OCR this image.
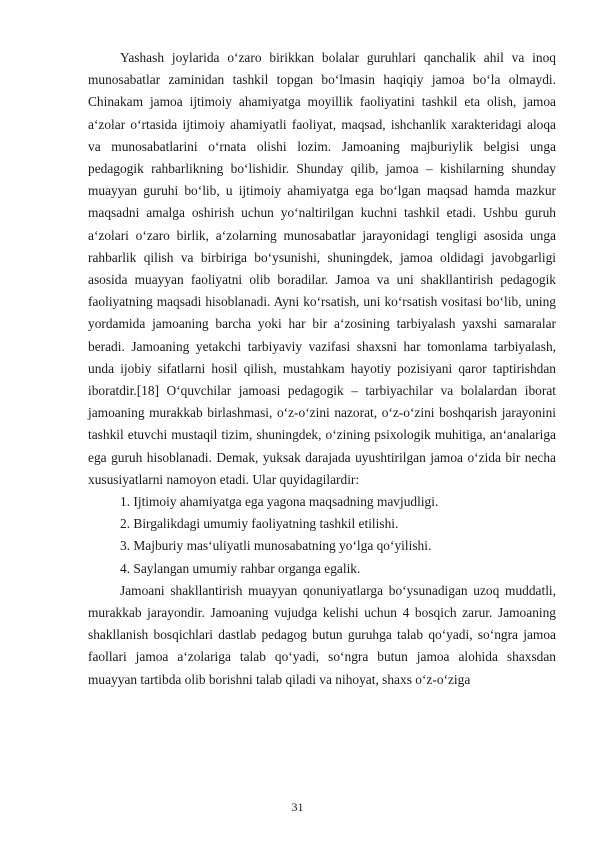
Yashash joylarida o‘zaro birikkan bolalar guruhlari qanchalik ahil va inoq munosabatlar zaminidan tashkil topgan bo‘lmasin haqiqiy jamoa bo‘la olmaydi. Chinakam jamoa ijtimoiy ahamiyatga moyillik faoliyatini tashkil eta olish, jamoa a‘zolar o‘rtasida ijtimoiy ahamiyatli faoliyat, maqsad, ishchanlik xarakteridagi aloqa va munosabatlarini o‘rnata olishi lozim. Jamoaning majburiylik belgisi unga pedagogik rahbarlikning bo‘lishidir. Shunday qilib, jamoa – kishilarning shunday muayyan guruhi bo‘lib, u ijtimoiy ahamiyatga ega bo‘lgan maqsad hamda mazkur maqsadni amalga oshirish uchun yo‘naltirilgan kuchni tashkil etadi. Ushbu guruh a‘zolari o‘zaro birlik, a‘zolarning munosabatlar jarayonidagi tengligi asosida unga rahbarlik qilish va birbiriga bo‘ysunishi, shuningdek, jamoa oldidagi javobgarligi asosida muayyan faoliyatni olib boradilar. Jamoa va uni shakllantirish pedagogik faoliyatning maqsadi hisoblanadi. Ayni ko‘rsatish, uni ko‘rsatish vositasi bo‘lib, uning yordamida jamoaning barcha yoki har bir a‘zosining tarbiyalash yaxshi samaralar beradi. Jamoaning yetakchi tarbiyaviy vazifasi shaxsni har tomonlama tarbiyalash, unda ijobiy sifatlarni hosil qilish, mustahkam hayotiy pozisiyani qaror taptirishdan iboratdir.[18] O‘quvchilar jamoasi pedagogik – tarbiyachilar va bolalardan iborat jamoaning murakkab birlashmasi, o‘z-o‘zini nazorat, o‘z-o‘zini boshqarish jarayonini tashkil etuvchi mustaqil tizim, shuningdek, o‘zining psixologik muhitiga, an‘analariga ega guruh hisoblanadi. Demak, yuksak darajada uyushtirilgan jamoa o‘zida bir necha xususiyatlarni namoyon etadi. Ular quyidagilardir:

1. Ijtimoiy ahamiyatga ega yagona maqsadning mavjudligi.

2. Birgalikdagi umumiy faoliyatning tashkil etilishi.

3. Majburiy mas‘uliyatli munosabatning yo‘lga qo‘yilishi.

4. Saylangan umumiy rahbar organga egalik.

Jamoani shakllantirish muayyan qonuniyatlarga bo‘ysunadigan uzoq muddatli, murakkab jarayondir. Jamoaning vujudga kelishi uchun 4 bosqich zarur. Jamoaning shakllanish bosqichlari dastlab pedagog butun guruhga talab qo‘yadi, so‘ngra jamoa faollari jamoa a‘zolariga talab qo‘yadi, so‘ngra butun jamoa alohida shaxsdan muayyan tartibda olib borishni talab qiladi va nihoyat, shaxs o‘z-o‘ziga

31
